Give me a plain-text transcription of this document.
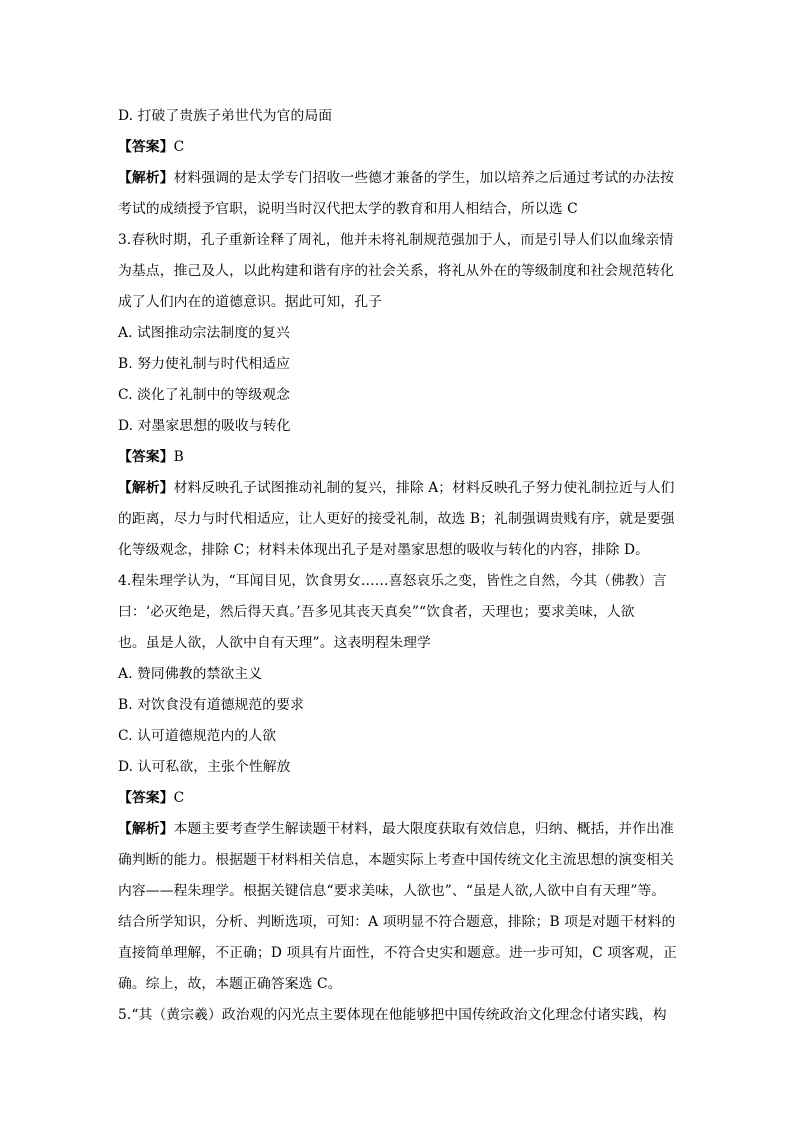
D. 打破了贵族子弟世代为官的局面

【答案】C

【解析】材料强调的是太学专门招收一些德才兼备的学生，加以培养之后通过考试的办法按

考试的成绩授予官职，说明当时汉代把太学的教育和用人相结合，所以选 C

3.春秋时期，孔子重新诠释了周礼，他并未将礼制规范强加于人，而是引导人们以血缘亲情

为基点，推己及人，以此构建和谐有序的社会关系，将礼从外在的等级制度和社会规范转化

成了人们内在的道德意识。据此可知，孔子

A. 试图推动宗法制度的复兴

B. 努力使礼制与时代相适应

C. 淡化了礼制中的等级观念

D. 对墨家思想的吸收与转化

【答案】B

【解析】材料反映孔子试图推动礼制的复兴，排除 A；材料反映孔子努力使礼制拉近与人们

的距离，尽力与时代相适应，让人更好的接受礼制，故选 B；礼制强调贵贱有序，就是要强

化等级观念，排除 C；材料未体现出孔子是对墨家思想的吸收与转化的内容，排除 D。

4.程朱理学认为，“耳闻目见，饮食男女……喜怒哀乐之变，皆性之自然，今其（佛教）言

曰：‘必灭绝是，然后得天真。’吾多见其丧天真矣”“饮食者，天理也；要求美味，人欲

也。虽是人欲，人欲中自有天理”。这表明程朱理学

A. 赞同佛教的禁欲主义

B. 对饮食没有道德规范的要求

C. 认可道德规范内的人欲

D. 认可私欲，主张个性解放

【答案】C

【解析】本题主要考查学生解读题干材料，最大限度获取有效信息，归纳、概括，并作出准

确判断的能力。根据题干材料相关信息，本题实际上考查中国传统文化主流思想的演变相关

内容——程朱理学。根据关键信息“要求美味，人欲也”、“虽是人欲,人欲中自有天理”等。

结合所学知识，分析、判断选项，可知：A 项明显不符合题意，排除；B 项是对题干材料的

直接简单理解，不正确；D 项具有片面性，不符合史实和题意。进一步可知，C 项客观，正

确。综上，故，本题正确答案选 C。

5.“其（黄宗羲）政治观的闪光点主要体现在他能够把中国传统政治文化理念付诸实践，构
